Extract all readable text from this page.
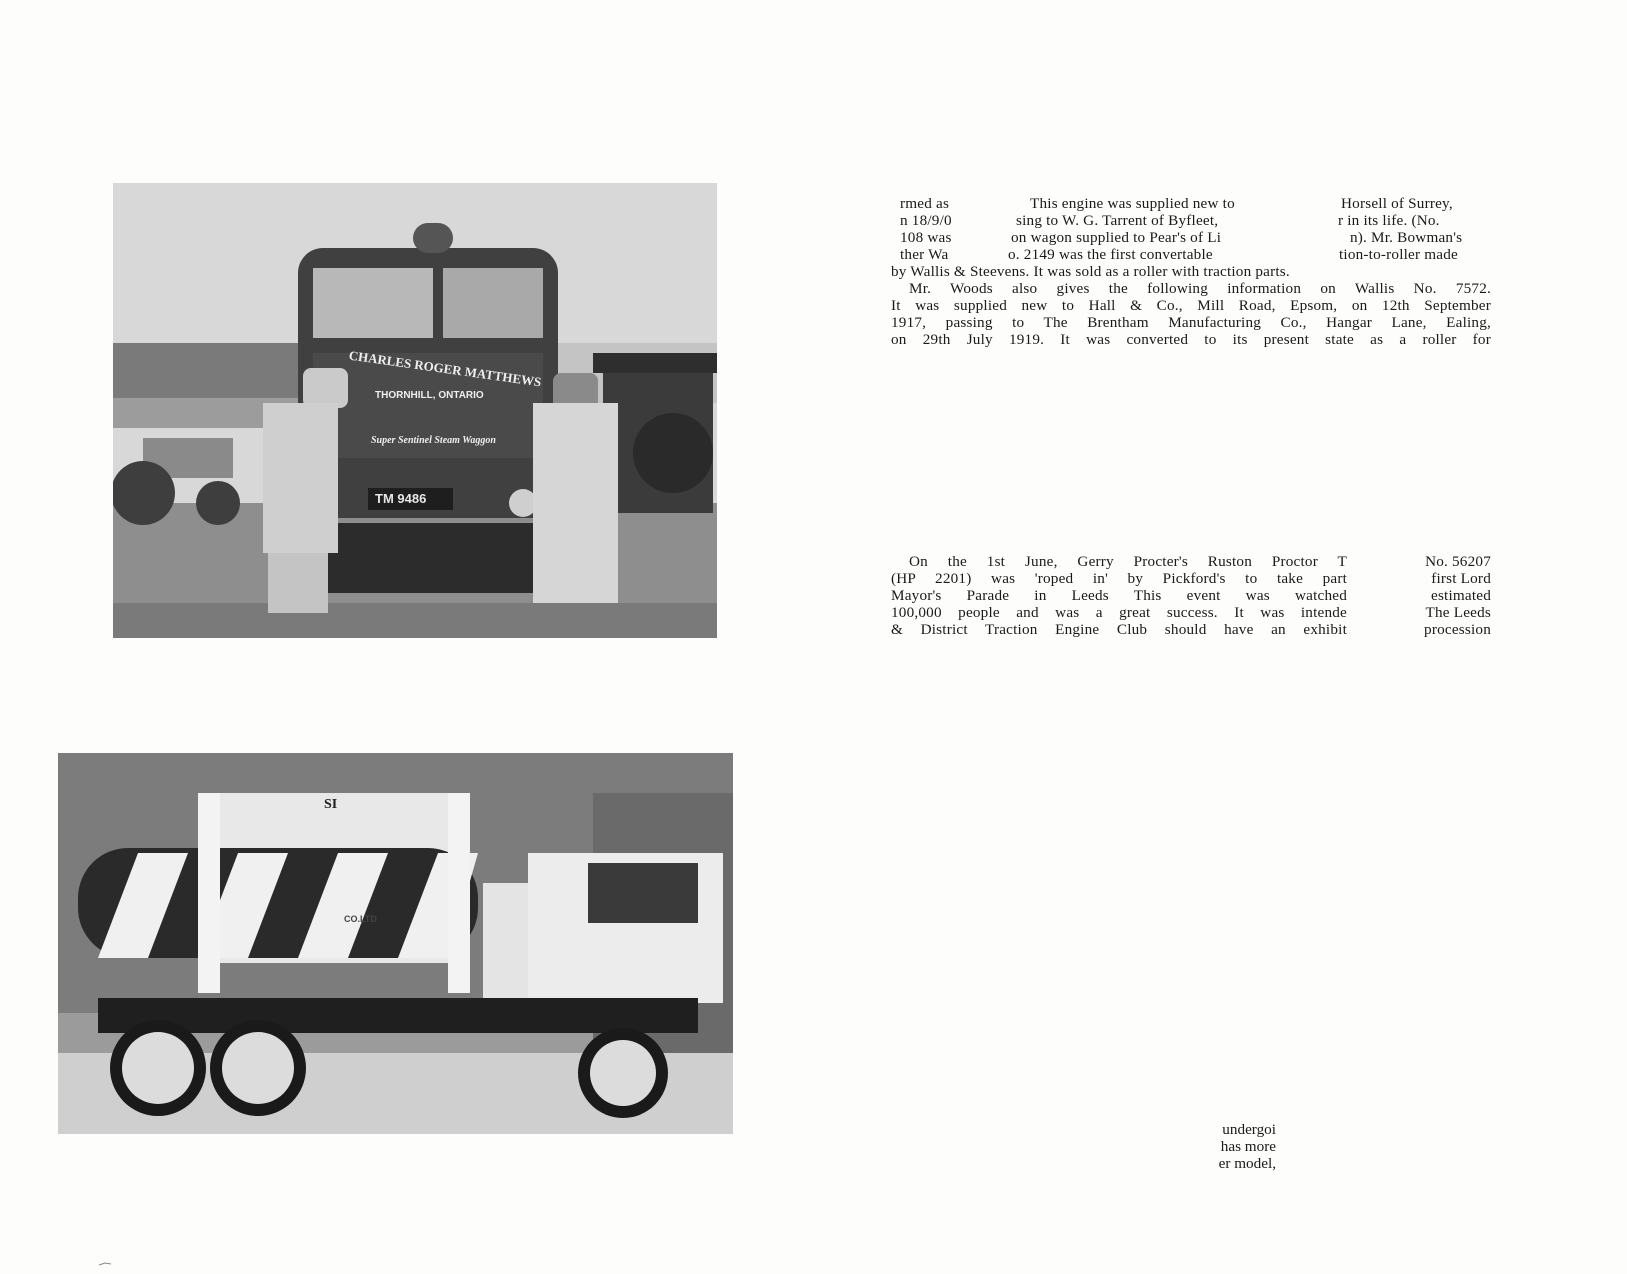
CHARLES ROGER MATTHEWS
THORNHILL, ONTARIO
Super Sentinel Steam Waggon
TM 9486
SI
CO.LTD
rmed as	This engine was supplied new to	Horsell of Surrey,
n 18/9/0	sing to W. G. Tarrent of Byfleet,	r in its life. (No.
108 was	on wagon supplied to Pear's of Li	n). Mr. Bowman's
ther Wa	o. 2149 was the first convertable	tion-to-roller made
by Wallis & Steevens. It was sold as a roller with traction parts.
Mr. Woods also gives the following information on Wallis No. 7572.
It was supplied new to Hall & Co., Mill Road, Epsom, on 12th September
1917, passing to The Brentham Manufacturing Co., Hangar Lane, Ealing,
on 29th July 1919. It was converted to its present state as a roller for
On the 1st June, Gerry Procter's Ruston Proctor T
(HP 2201) was 'roped in' by Pickford's to take part
Mayor's Parade in Leeds This event was watched
100,000 people and was a great success. It was intende
& District Traction Engine Club should have an exhibit
No. 56207
first Lord
estimated
The Leeds
procession
undergoi
has more
er model,
